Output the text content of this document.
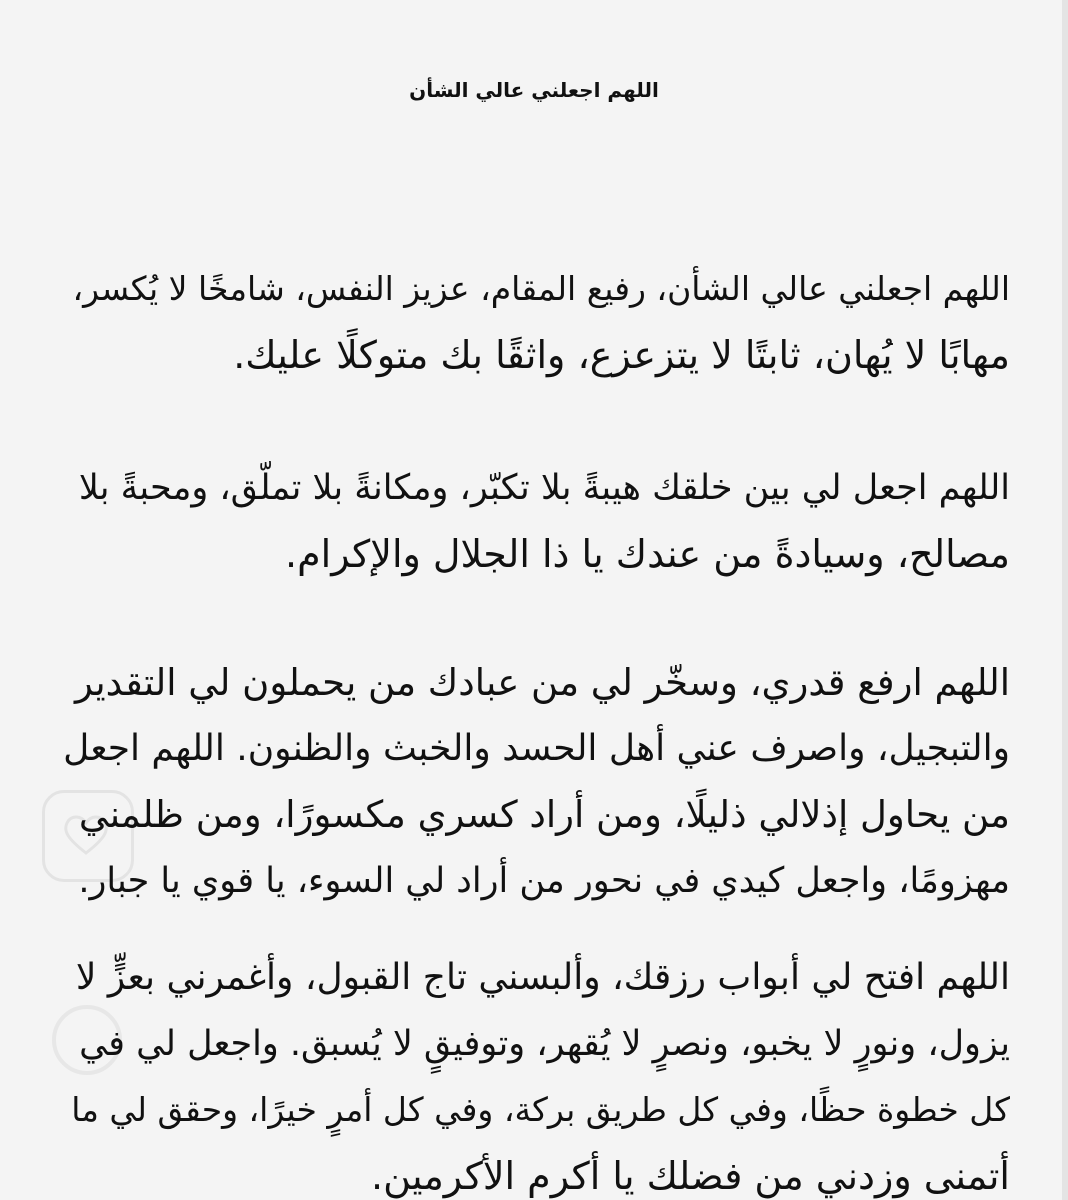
اللهم اجعلني عالي الشأن

اللهم اجعلني عالي الشأن، رفيع المقام، عزيز النفس، شامخًا لا يُكسر،
مهابًا لا يُهان، ثابتًا لا يتزعزع، واثقًا بك متوكلًا عليك.

اللهم اجعل لي بين خلقك هيبةً بلا تكبّر، ومكانةً بلا تملّق، ومحبةً بلا
مصالح، وسيادةً من عندك يا ذا الجلال والإكرام.

اللهم ارفع قدري، وسخّر لي من عبادك من يحملون لي التقدير
والتبجيل، واصرف عني أهل الحسد والخبث والظنون. اللهم اجعل
من يحاول إذلالي ذليلًا، ومن أراد كسري مكسورًا، ومن ظلمني
مهزومًا، واجعل كيدي في نحور من أراد لي السوء، يا قوي يا جبار.

اللهم افتح لي أبواب رزقك، وألبسني تاج القبول، وأغمرني بعزٍّ لا
يزول، ونورٍ لا يخبو، ونصرٍ لا يُقهر، وتوفيقٍ لا يُسبق. واجعل لي في
كل خطوة حظًا، وفي كل طريق بركة، وفي كل أمرٍ خيرًا، وحقق لي ما
أتمنى وزدني من فضلك يا أكرم الأكرمين.
